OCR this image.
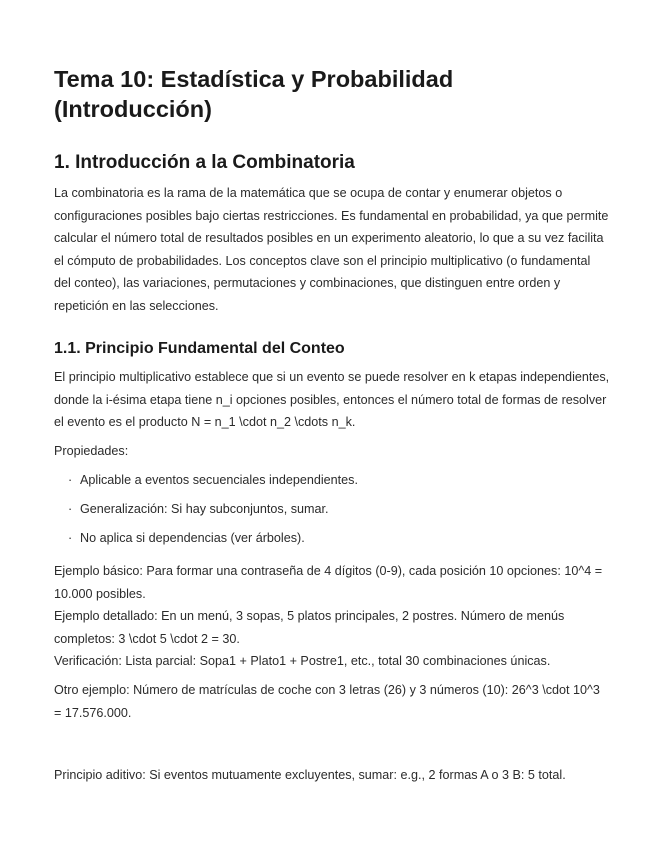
Tema 10: Estadística y Probabilidad (Introducción)
1. Introducción a la Combinatoria

La combinatoria es la rama de la matemática que se ocupa de contar y enumerar objetos o configuraciones posibles bajo ciertas restricciones. Es fundamental en probabilidad, ya que permite calcular el número total de resultados posibles en un experimento aleatorio, lo que a su vez facilita el cómputo de probabilidades. Los conceptos clave son el principio multiplicativo (o fundamental del conteo), las variaciones, permutaciones y combinaciones, que distinguen entre orden y repetición en las selecciones.

1.1. Principio Fundamental del Conteo

El principio multiplicativo establece que si un evento se puede resolver en k etapas independientes, donde la i-ésima etapa tiene n_i opciones posibles, entonces el número total de formas de resolver el evento es el producto N = n_1 \cdot n_2 \cdots n_k.

Propiedades:

· Aplicable a eventos secuenciales independientes.
· Generalización: Si hay subconjuntos, sumar.
· No aplica si dependencias (ver árboles).

Ejemplo básico: Para formar una contraseña de 4 dígitos (0-9), cada posición 10 opciones: 10^4 = 10.000 posibles.

Ejemplo detallado: En un menú, 3 sopas, 5 platos principales, 2 postres. Número de menús completos: 3 \cdot 5 \cdot 2 = 30.

Verificación: Lista parcial: Sopa1 + Plato1 + Postre1, etc., total 30 combinaciones únicas.

Otro ejemplo: Número de matrículas de coche con 3 letras (26) y 3 números (10): 26^3 \cdot 10^3 = 17.576.000.

Principio aditivo: Si eventos mutuamente excluyentes, sumar: e.g., 2 formas A o 3 B: 5 total.
